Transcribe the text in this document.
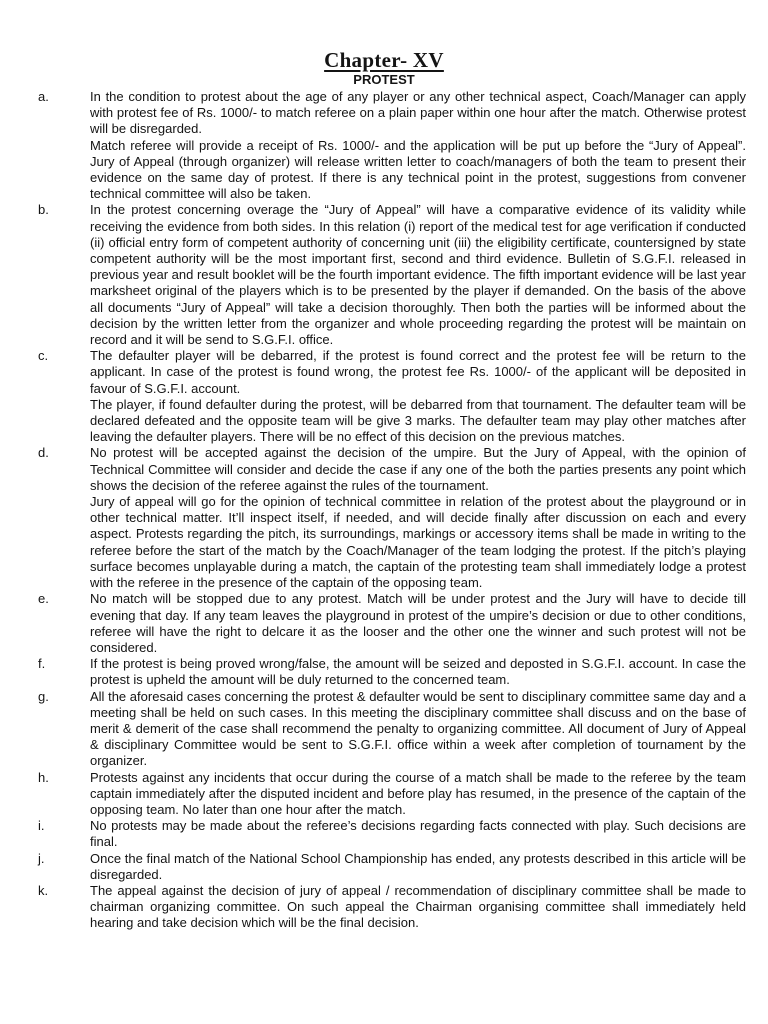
Chapter- XV
PROTEST
a.	In the condition to protest about the age of any player or any other technical aspect, Coach/Manager can apply with protest fee of Rs. 1000/- to match referee on a plain paper within one hour after the match. Otherwise protest will be disregarded.

Match referee will provide a receipt of Rs. 1000/- and the application will be put up before the “Jury of Appeal”. Jury of Appeal (through organizer) will release written letter to coach/managers of both the team to present their evidence on the same day of protest. If there is any technical point in the protest, suggestions from convener technical committee will also be taken.

b.	In the protest concerning overage the “Jury of Appeal” will have a comparative evidence of its validity while receiving the evidence from both sides. In this relation (i) report of the medical test for age verification if conducted (ii) official entry form of competent authority of concerning unit (iii) the eligibility certificate, countersigned by state competent authority will be the most important first, second and third evidence. Bulletin of S.G.F.I. released in previous year and result booklet will be the fourth important evidence. The fifth important evidence will be last year marksheet original of the players which is to be presented by the player if demanded. On the basis of the above all documents “Jury of Appeal” will take a decision thoroughly. Then both the parties will be informed about the decision by the written letter from the organizer and whole proceeding regarding the protest will be maintain on record and it will be send to S.G.F.I. office.

c.	The defaulter player will be debarred, if the protest is found correct and the protest fee will be return to the applicant. In case of the protest is found wrong, the protest fee Rs. 1000/- of the applicant will be deposited in favour of S.G.F.I. account.

The player, if found defaulter during the protest, will be debarred from that tournament. The defaulter team will be declared defeated and the opposite team will be give 3 marks. The defaulter team may play other matches after leaving the defaulter players. There will be no effect of this decision on the previous matches.

d.	No protest will be accepted against the decision of the umpire. But the Jury of Appeal, with the opinion of Technical Committee will consider and decide the case if any one of the both the parties presents any point which shows the decision of the referee against the rules of the tournament.

Jury of appeal will go for the opinion of technical committee in relation of the protest about the playground or in other technical matter. It’ll inspect itself, if needed, and will decide finally after discussion on each and every aspect. Protests regarding the pitch, its surroundings, markings or accessory items shall be made in writing to the referee before the start of the match by the Coach/Manager of the team lodging the protest. If the pitch’s playing surface becomes unplayable during a match, the captain of the protesting team shall immediately lodge a protest with the referee in the presence of the captain of the opposing team.

e.	No match will be stopped due to any protest. Match will be under protest and the Jury will have to decide till evening that day. If any team leaves the playground in protest of the umpire’s decision or due to other conditions, referee will have the right to delcare it as the looser and the other one the winner and such protest will not be considered.

f.	If the protest is being proved wrong/false, the amount will be seized and deposted in S.G.F.I. account. In case the protest is upheld the amount will be duly returned to the concerned team.

g.	All the aforesaid cases concerning the protest & defaulter would be sent to disciplinary committee same day and a meeting shall be held on such cases. In this meeting the disciplinary committee shall discuss and on the base of merit & demerit of the case shall recommend the penalty to organizing committee. All document of Jury of Appeal & disciplinary Committee would be sent to S.G.F.I. office within a week after completion of tournament by the organizer.

h.	Protests against any incidents that occur during the course of a match shall be made to the referee by the team captain immediately after the disputed incident and before play has resumed, in the presence of the captain of the opposing team. No later than one hour after the match.

i.	No protests may be made about the referee’s decisions regarding facts connected with play. Such decisions are final.

j.	Once the final match of the National School Championship has ended, any protests described in this article will be disregarded.

k.	The appeal against the decision of jury of appeal / recommendation of disciplinary committee shall be made to chairman organizing committee. On such appeal the Chairman organising committee shall immediately held hearing and take decision which will be the final decision.
